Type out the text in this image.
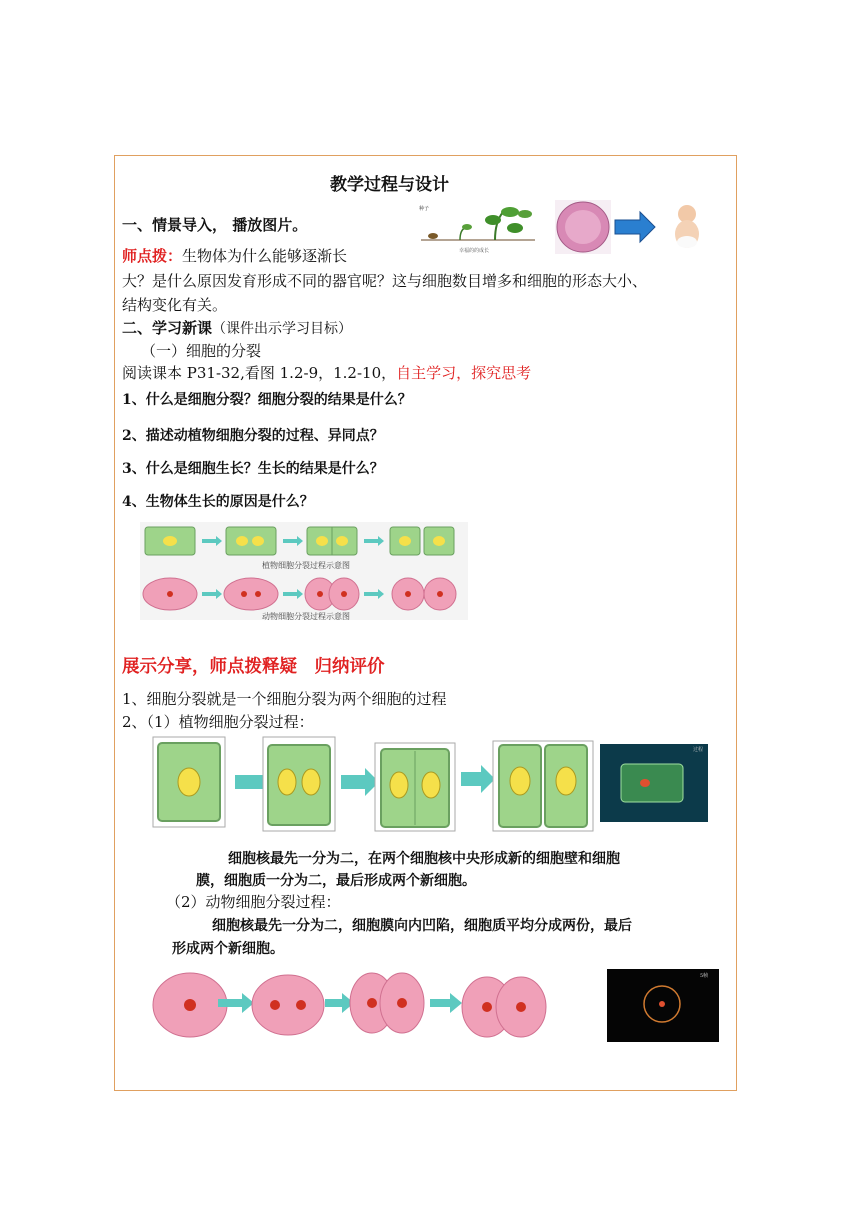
教学过程与设计
一、情景导入， 播放图片。
种子
幸福的的成长
师点拨：生物体为什么能够逐渐长
大？是什么原因发育形成不同的器官呢？这与细胞数目增多和细胞的形态大小、
结构变化有关。
二、学习新课（课件出示学习目标）
（一）细胞的分裂
阅读课本 P31-32,看图 1.2-9，1.2-10，自主学习，探究思考
1、什么是细胞分裂？细胞分裂的结果是什么？
2、描述动植物细胞分裂的过程、异同点？
3、什么是细胞生长？生长的结果是什么？
4、生物体生长的原因是什么？
植物细胞分裂过程示意图
动物细胞分裂过程示意图
展示分享，师点拨释疑　归纳评价
1、细胞分裂就是一个细胞分裂为两个细胞的过程
2、（1）植物细胞分裂过程：
过程
细胞核最先一分为二，在两个细胞核中央形成新的细胞壁和细胞
膜，细胞质一分为二，最后形成两个新细胞。
（2）动物细胞分裂过程：
细胞核最先一分为二，细胞膜向内凹陷，细胞质平均分成两份，最后
形成两个新细胞。
5帧
